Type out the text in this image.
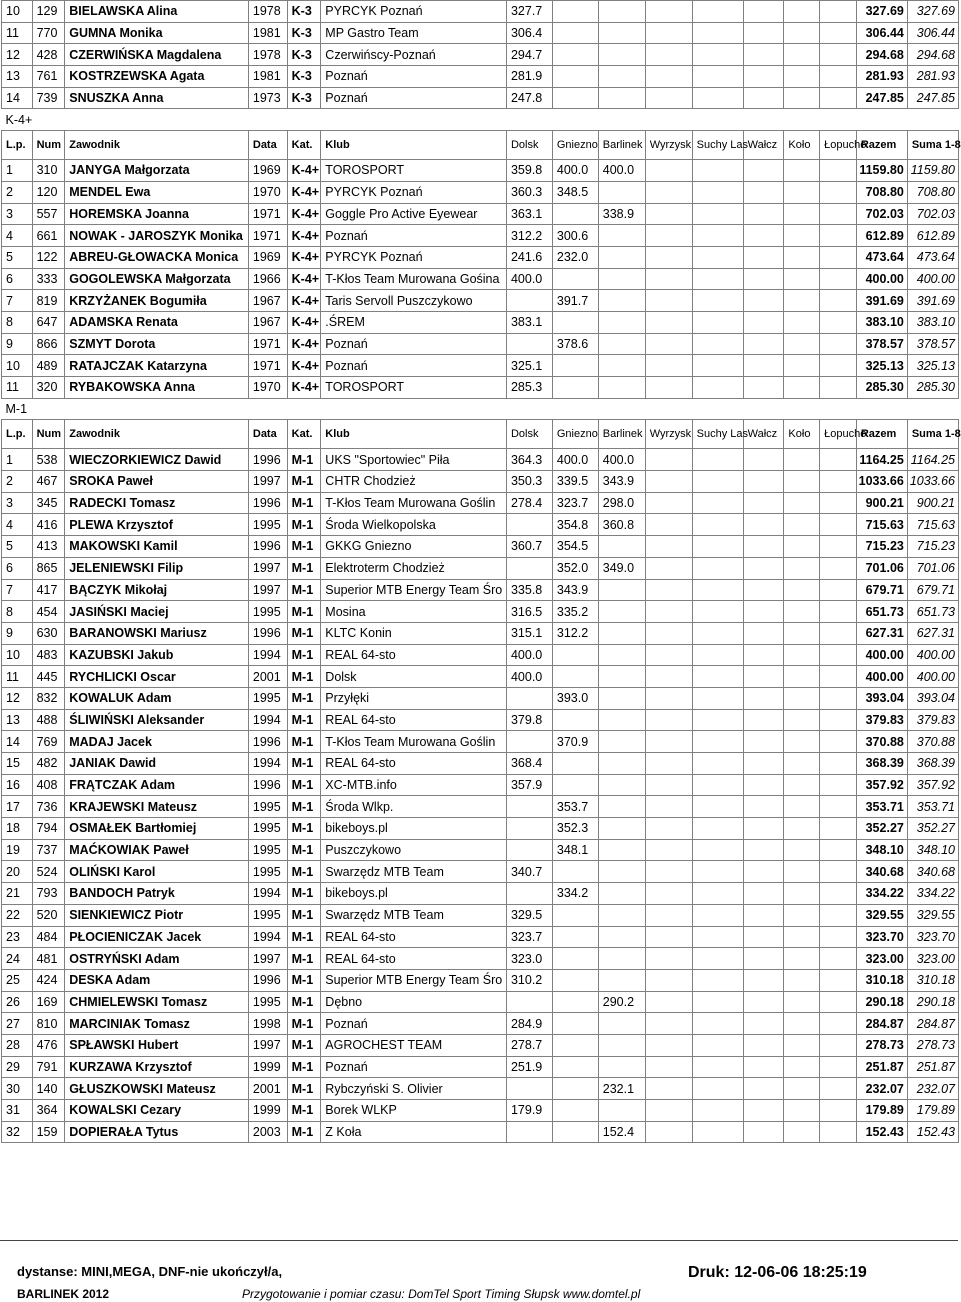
10	129	BIELAWSKA Alina	1978	K-3	PYRCYK Poznań	327.7								327.69	327.69
11	770	GUMNA Monika	1981	K-3	MP Gastro Team	306.4								306.44	306.44
12	428	CZERWIŃSKA Magdalena	1978	K-3	Czerwińscy-Poznań	294.7								294.68	294.68
13	761	KOSTRZEWSKA Agata	1981	K-3	Poznań	281.9								281.93	281.93
14	739	SNUSZKA Anna	1973	K-3	Poznań	247.8								247.85	247.85
K-4+															
L.p.	Num	Zawodnik	Data	Kat.	Klub	Dolsk	Gniezno	Barlinek	Wyrzysk	Suchy Las	Wałcz	Koło	Łopucho	Razem	Suma 1-8
1	310	JANYGA Małgorzata	1969	K-4+	TOROSPORT	359.8	400.0	400.0						1159.80	1159.80
2	120	MENDEL Ewa	1970	K-4+	PYRCYK Poznań	360.3	348.5							708.80	708.80
3	557	HOREMSKA Joanna	1971	K-4+	Goggle Pro Active Eyewear	363.1		338.9						702.03	702.03
4	661	NOWAK - JAROSZYK Monika	1971	K-4+	Poznań	312.2	300.6							612.89	612.89
5	122	ABREU-GŁOWACKA Monica	1969	K-4+	PYRCYK Poznań	241.6	232.0							473.64	473.64
6	333	GOGOLEWSKA Małgorzata	1966	K-4+	T-Kłos Team Murowana Gośina	400.0								400.00	400.00
7	819	KRZYŻANEK Bogumiła	1967	K-4+	Taris Servoll Puszczykowo		391.7							391.69	391.69
8	647	ADAMSKA Renata	1967	K-4+	.ŚREM	383.1								383.10	383.10
9	866	SZMYT Dorota	1971	K-4+	Poznań		378.6							378.57	378.57
10	489	RATAJCZAK Katarzyna	1971	K-4+	Poznań	325.1								325.13	325.13
11	320	RYBAKOWSKA Anna	1970	K-4+	TOROSPORT	285.3								285.30	285.30
M-1															
L.p.	Num	Zawodnik	Data	Kat.	Klub	Dolsk	Gniezno	Barlinek	Wyrzysk	Suchy Las	Wałcz	Koło	Łopucho	Razem	Suma 1-8
1	538	WIECZORKIEWICZ Dawid	1996	M-1	UKS "Sportowiec" Piła	364.3	400.0	400.0						1164.25	1164.25
2	467	SROKA Paweł	1997	M-1	CHTR Chodzież	350.3	339.5	343.9						1033.66	1033.66
3	345	RADECKI Tomasz	1996	M-1	T-Kłos Team Murowana Goślin	278.4	323.7	298.0						900.21	900.21
4	416	PLEWA Krzysztof	1995	M-1	Środa Wielkopolska		354.8	360.8						715.63	715.63
5	413	MAKOWSKI Kamil	1996	M-1	GKKG Gniezno	360.7	354.5							715.23	715.23
6	865	JELENIEWSKI Filip	1997	M-1	Elektroterm Chodzież		352.0	349.0						701.06	701.06
7	417	BĄCZYK Mikołaj	1997	M-1	Superior MTB Energy Team Śro	335.8	343.9							679.71	679.71
8	454	JASIŃSKI Maciej	1995	M-1	Mosina	316.5	335.2							651.73	651.73
9	630	BARANOWSKI Mariusz	1996	M-1	KLTC Konin	315.1	312.2							627.31	627.31
10	483	KAZUBSKI Jakub	1994	M-1	REAL 64-sto	400.0								400.00	400.00
11	445	RYCHLICKI Oscar	2001	M-1	Dolsk	400.0								400.00	400.00
12	832	KOWALUK Adam	1995	M-1	Przyłęki		393.0							393.04	393.04
13	488	ŚLIWIŃSKI Aleksander	1994	M-1	REAL 64-sto	379.8								379.83	379.83
14	769	MADAJ Jacek	1996	M-1	T-Kłos Team Murowana Goślin		370.9							370.88	370.88
15	482	JANIAK Dawid	1994	M-1	REAL 64-sto	368.4								368.39	368.39
16	408	FRĄTCZAK Adam	1996	M-1	XC-MTB.info	357.9								357.92	357.92
17	736	KRAJEWSKI Mateusz	1995	M-1	Środa Wlkp.		353.7							353.71	353.71
18	794	OSMAŁEK Bartłomiej	1995	M-1	bikeboys.pl		352.3							352.27	352.27
19	737	MAĆKOWIAK Paweł	1995	M-1	Puszczykowo		348.1							348.10	348.10
20	524	OLIŃSKI Karol	1995	M-1	Swarzędz MTB Team	340.7								340.68	340.68
21	793	BANDOCH Patryk	1994	M-1	bikeboys.pl		334.2							334.22	334.22
22	520	SIENKIEWICZ Piotr	1995	M-1	Swarzędz MTB Team	329.5								329.55	329.55
23	484	PŁOCIENICZAK Jacek	1994	M-1	REAL 64-sto	323.7								323.70	323.70
24	481	OSTRYŃSKI Adam	1997	M-1	REAL 64-sto	323.0								323.00	323.00
25	424	DESKA Adam	1996	M-1	Superior MTB Energy Team Śro	310.2								310.18	310.18
26	169	CHMIELEWSKI Tomasz	1995	M-1	Dębno			290.2						290.18	290.18
27	810	MARCINIAK Tomasz	1998	M-1	Poznań	284.9								284.87	284.87
28	476	SPŁAWSKI Hubert	1997	M-1	AGROCHEST TEAM	278.7								278.73	278.73
29	791	KURZAWA Krzysztof	1999	M-1	Poznań	251.9								251.87	251.87
30	140	GŁUSZKOWSKI Mateusz	2001	M-1	Rybczyński S. Olivier			232.1						232.07	232.07
31	364	KOWALSKI Cezary	1999	M-1	Borek WLKP	179.9								179.89	179.89
32	159	DOPIERAŁA Tytus	2003	M-1	Z Koła			152.4						152.43	152.43
dystanse: MINI,MEGA, DNF-nie ukończył/a,
BARLINEK 2012	Przygotowanie i pomiar czasu: DomTel Sport Timing Słupsk www.domtel.pl
Druk: 12-06-06 18:25:19
